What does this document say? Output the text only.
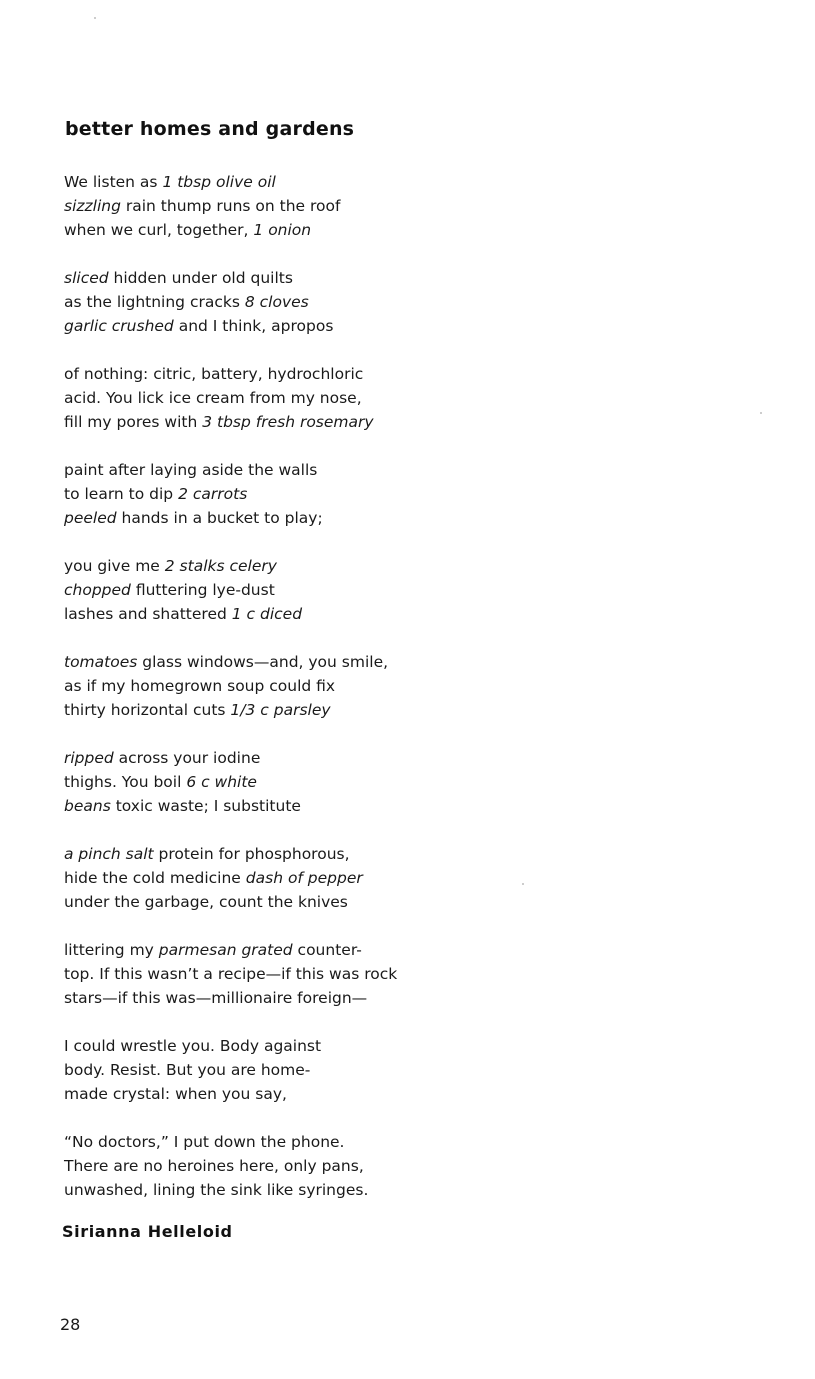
better homes and gardens
We listen as 1 tbsp olive oil
sizzling rain thump runs on the roof
when we curl, together, 1 onion
sliced hidden under old quilts
as the lightning cracks 8 cloves
garlic crushed and I think, apropos
of nothing: citric, battery, hydrochloric
acid. You lick ice cream from my nose,
fill my pores with 3 tbsp fresh rosemary
paint after laying aside the walls
to learn to dip 2 carrots
peeled hands in a bucket to play;
you give me 2 stalks celery
chopped fluttering lye-dust
lashes and shattered 1 c diced
tomatoes glass windows—and, you smile,
as if my homegrown soup could fix
thirty horizontal cuts 1/3 c parsley
ripped across your iodine
thighs. You boil 6 c white
beans toxic waste; I substitute
a pinch salt protein for phosphorous,
hide the cold medicine dash of pepper
under the garbage, count the knives
littering my parmesan grated counter-
top. If this wasn’t a recipe—if this was rock
stars—if this was—millionaire foreign—
I could wrestle you. Body against
body. Resist. But you are home-
made crystal: when you say,
“No doctors,” I put down the phone.
There are no heroines here, only pans,
unwashed, lining the sink like syringes.

Sirianna Helleloid

28
